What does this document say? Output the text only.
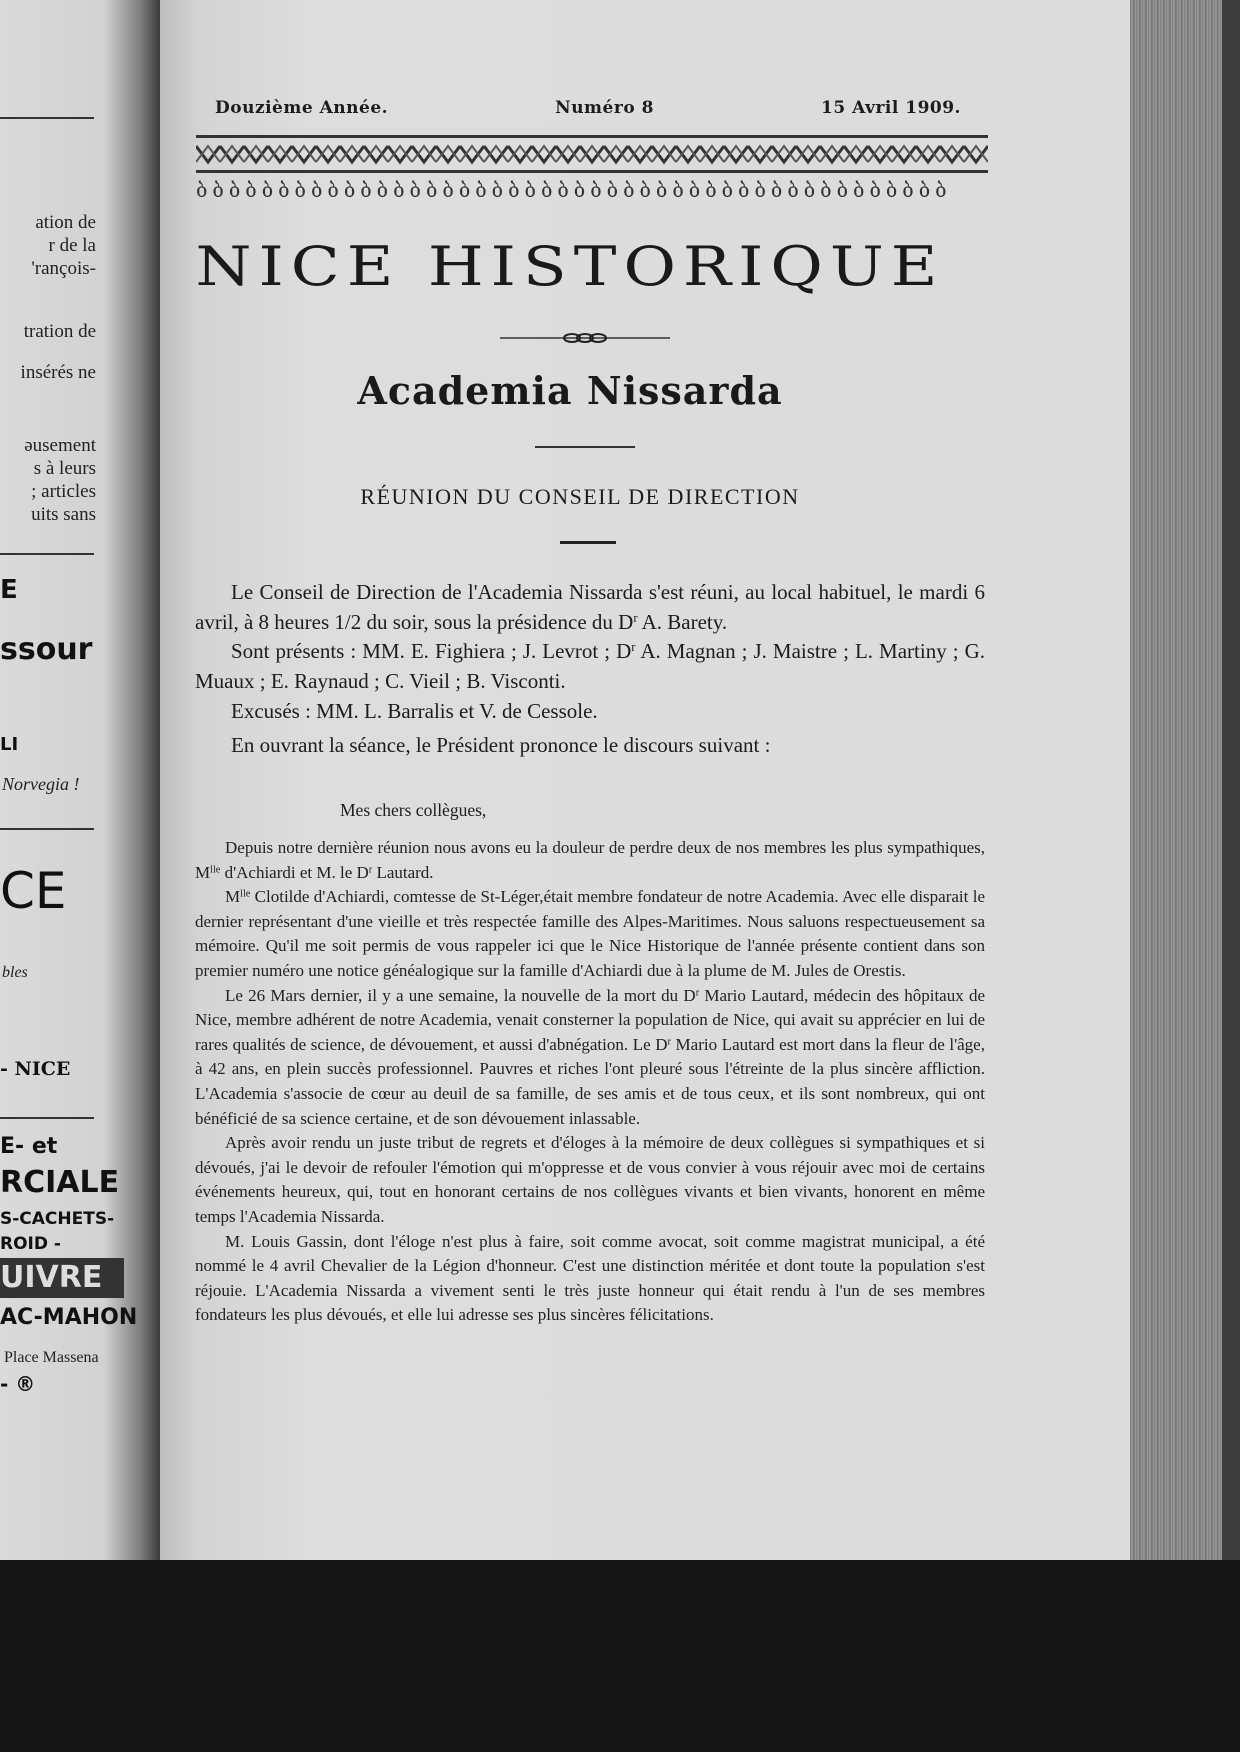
ation de
r de la
'rançois-
tration de
insérés ne
əusement
s à leurs
; articles
uits sans
E
ssour
LI
Norvegia !
CE
bles
- NICE
E- et
RCIALE
S-CACHETS-
ROID -
UIVRE
AC-MAHON
Place Massena
- ®
Douzième Année.	Numéro 8	15 Avril 1909.
ბბბბბბბბბბბბბბბბბბბბბბბბბბბბბბბბბბბბბბბბბბბბბბ
NICE HISTORIQUE
Academia Nissarda
RÉUNION DU CONSEIL DE DIRECTION

Le Conseil de Direction de l'Academia Nissarda s'est réuni, au local habituel, le mardi 6 avril, à 8 heures 1/2 du soir, sous la présidence du $D^r$ A. Barety.

Sont présents : MM. E. Fighiera ; J. Levrot ; $D^r$ A. Magnan ; J. Maistre ; L. Martiny ; G. Muaux ; E. Raynaud ; C. Vieil ; B. Visconti.

Excusés : MM. L. Barralis et V. de Cessole.

En ouvrant la séance, le Président prononce le discours suivant :

Mes chers collègues,

Depuis notre dernière réunion nous avons eu la douleur de perdre deux de nos membres les plus sympathiques, $M^{lle}$ d'Achiardi et M. le $D^r$ Lautard.

$M^{lle}$ Clotilde d'Achiardi, comtesse de St-Léger,était membre fondateur de notre Academia. Avec elle disparait le dernier représentant d'une vieille et très respectée famille des Alpes-Maritimes. Nous saluons respectueusement sa mémoire. Qu'il me soit permis de vous rappeler ici que le Nice Historique de l'année présente contient dans son premier numéro une notice généalogique sur la famille d'Achiardi due à la plume de M. Jules de Orestis.

Le 26 Mars dernier, il y a une semaine, la nouvelle de la mort du $D^r$ Mario Lautard, médecin des hôpitaux de Nice, membre adhérent de notre Academia, venait consterner la population de Nice, qui avait su apprécier en lui de rares qualités de science, de dévouement, et aussi d'abnégation. Le $D^r$ Mario Lautard est mort dans la fleur de l'âge, à 42 ans, en plein succès professionnel. Pauvres et riches l'ont pleuré sous l'étreinte de la plus sincère affliction. L'Academia s'associe de cœur au deuil de sa famille, de ses amis et de tous ceux, et ils sont nombreux, qui ont bénéficié de sa science certaine, et de son dévouement inlassable.

Après avoir rendu un juste tribut de regrets et d'éloges à la mémoire de deux collègues si sympathiques et si dévoués, j'ai le devoir de refouler l'émotion qui m'oppresse et de vous convier à vous réjouir avec moi de certains événements heureux, qui, tout en honorant certains de nos collègues vivants et bien vivants, honorent en même temps l'Academia Nissarda.

M. Louis Gassin, dont l'éloge n'est plus à faire, soit comme avocat, soit comme magistrat municipal, a été nommé le 4 avril Chevalier de la Légion d'honneur. C'est une distinction méritée et dont toute la population s'est réjouie. L'Academia Nissarda a vivement senti le très juste honneur qui était rendu à l'un de ses membres fondateurs les plus dévoués, et elle lui adresse ses plus sincères félicitations.
